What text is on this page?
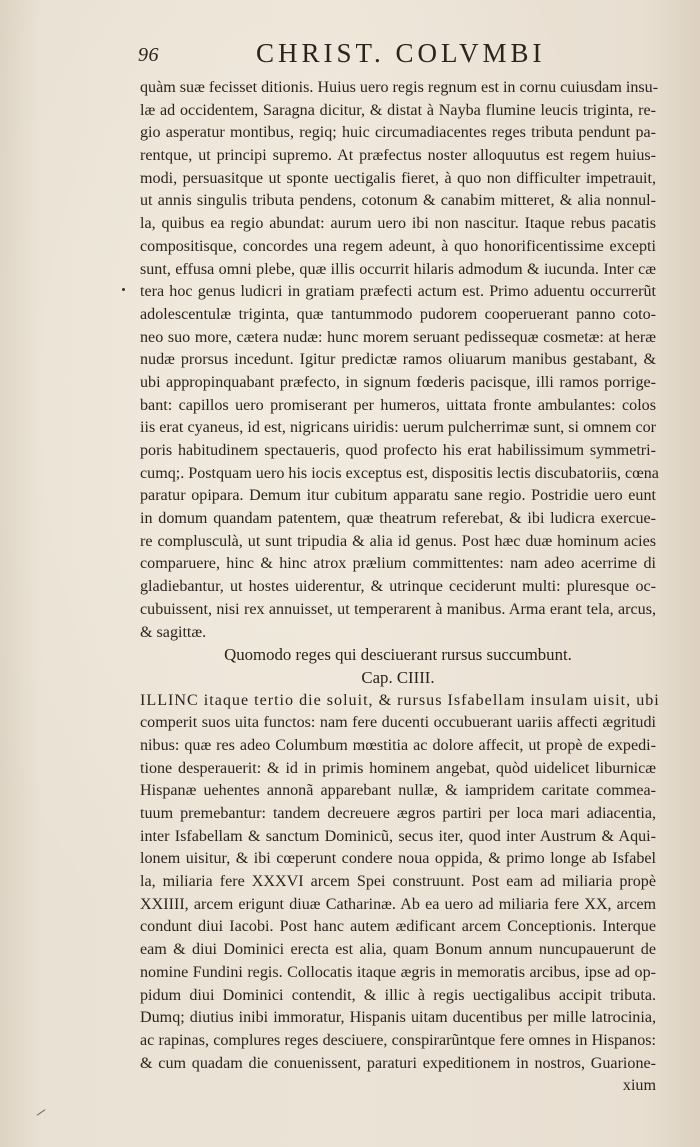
96	CHRIST. COLVMBI
quàm suæ fecisset ditionis. Huius uero regis regnum est in cornu cuiusdam insu-
læ ad occidentem, Saragna dicitur, & distat à Nayba flumine leucis triginta, re-
gio asperatur montibus, regiq; huic circumadiacentes reges tributa pendunt pa-
rentque, ut principi supremo. At præfectus noster alloquutus est regem huius-
modi, persuasitque ut sponte uectigalis fieret, à quo non difficulter impetrauit,
ut annis singulis tributa pendens, cotonum & canabim mitteret, & alia nonnul-
la, quibus ea regio abundat: aurum uero ibi non nascitur. Itaque rebus pacatis
compositisque, concordes una regem adeunt, à quo honorificentissime excepti
sunt, effusa omni plebe, quæ illis occurrit hilaris admodum & iucunda. Inter cæ
tera hoc genus ludicri in gratiam præfecti actum est. Primo aduentu occurrerũt
adolescentulæ triginta, quæ tantummodo pudorem cooperuerant panno coto-
neo suo more, cætera nudæ: hunc morem seruant pedissequæ cosmetæ: at heræ
nudæ prorsus incedunt. Igitur predictæ ramos oliuarum manibus gestabant, &
ubi appropinquabant præfecto, in signum fœderis pacisque, illi ramos porrige-
bant: capillos uero promiserant per humeros, uittata fronte ambulantes: colos
iis erat cyaneus, id est, nigricans uiridis: uerum pulcherrimæ sunt, si omnem cor
poris habitudinem spectaueris, quod profecto his erat habilissimum symmetri-
cumq;. Postquam uero his iocis exceptus est, dispositis lectis discubatoriis, cœna
paratur opipara. Demum itur cubitum apparatu sane regio. Postridie uero eunt
in domum quandam patentem, quæ theatrum referebat, & ibi ludicra exercue-
re complusculà, ut sunt tripudia & alia id genus. Post hæc duæ hominum acies
comparuere, hinc & hinc atrox prælium committentes: nam adeo acerrime di
gladiebantur, ut hostes uiderentur, & utrinque ceciderunt multi: pluresque oc-
cubuissent, nisi rex annuisset, ut temperarent à manibus. Arma erant tela, arcus,
& sagittæ.
Quomodo reges qui desciuerant rursus succumbunt.
Cap. CIIII.
ILLINC itaque tertio die soluit, & rursus Isfabellam insulam uisit, ubi
comperit suos uita functos: nam fere ducenti occubuerant uariis affecti ægritudi
nibus: quæ res adeo Columbum mœstitia ac dolore affecit, ut propè de expedi-
tione desperauerit: & id in primis hominem angebat, quòd uidelicet liburnicæ
Hispanæ uehentes annonã apparebant nullæ, & iampridem caritate commea-
tuum premebantur: tandem decreuere ægros partiri per loca mari adiacentia,
inter Isfabellam & sanctum Dominicũ, secus iter, quod inter Austrum & Aqui-
lonem uisitur, & ibi cœperunt condere noua oppida, & primo longe ab Isfabel
la, miliaria fere XXXVI arcem Spei construunt. Post eam ad miliaria propè
XXIIII, arcem erigunt diuæ Catharinæ. Ab ea uero ad miliaria fere XX, arcem
condunt diui Iacobi. Post hanc autem ædificant arcem Conceptionis. Interque
eam & diui Dominici erecta est alia, quam Bonum annum nuncupauerunt de
nomine Fundini regis. Collocatis itaque ægris in memoratis arcibus, ipse ad op-
pidum diui Dominici contendit, & illic à regis uectigalibus accipit tributa.
Dumq; diutius inibi immoratur, Hispanis uitam ducentibus per mille latrocinia,
ac rapinas, complures reges desciuere, conspirarũntque fere omnes in Hispanos:
& cum quadam die conuenissent, paraturi expeditionem in nostros, Guarione-
xium
